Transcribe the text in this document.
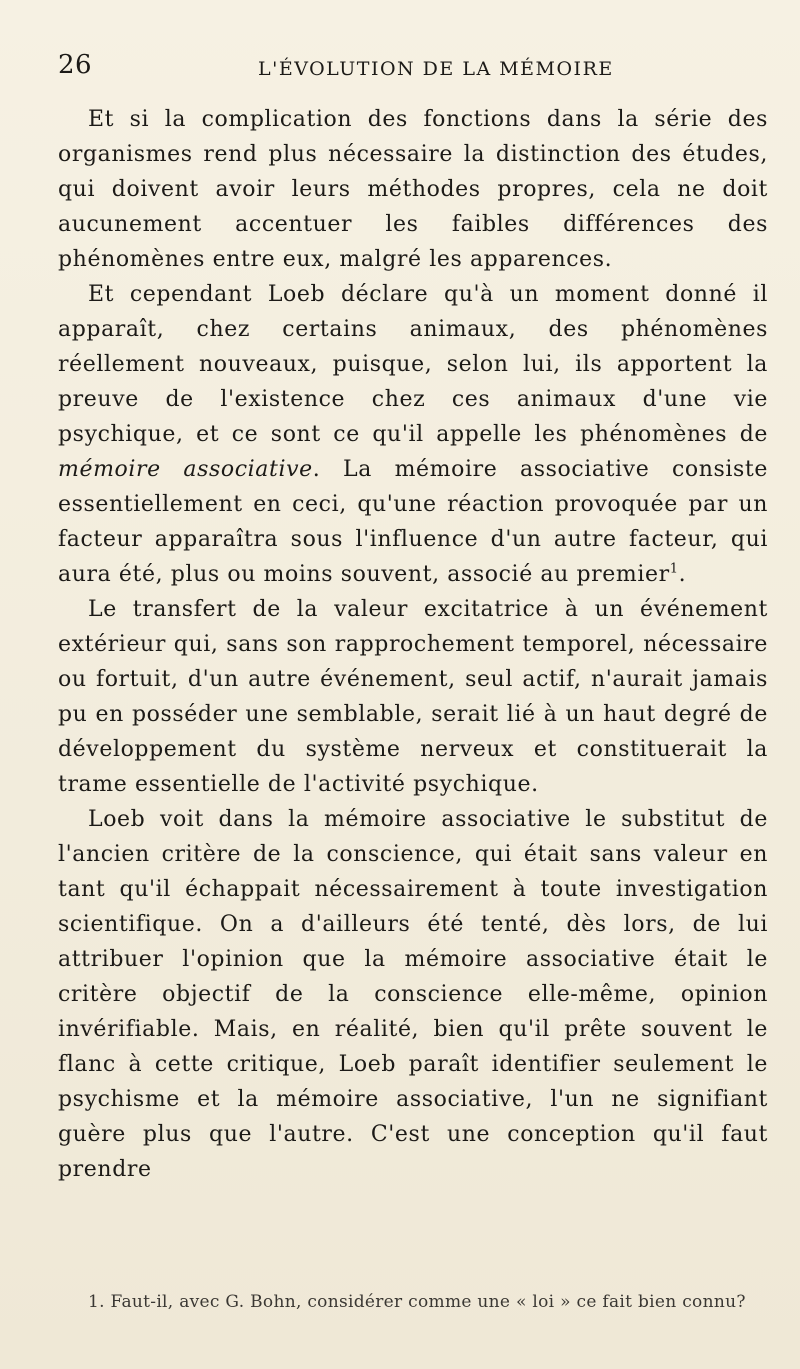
26	L'ÉVOLUTION DE LA MÉMOIRE

Et si la complication des fonctions dans la série des organismes rend plus nécessaire la distinction des études, qui doivent avoir leurs méthodes propres, cela ne doit aucunement accentuer les faibles différences des phénomènes entre eux, malgré les apparences.

Et cependant Loeb déclare qu'à un moment donné il apparaît, chez certains animaux, des phénomènes réellement nouveaux, puisque, selon lui, ils apportent la preuve de l'existence chez ces animaux d'une vie psychique, et ce sont ce qu'il appelle les phénomènes de mémoire associative. La mémoire associative consiste essentiellement en ceci, qu'une réaction provoquée par un facteur apparaîtra sous l'influence d'un autre facteur, qui aura été, plus ou moins souvent, associé au premier$^1$.

Le transfert de la valeur excitatrice à un événement extérieur qui, sans son rapprochement temporel, nécessaire ou fortuit, d'un autre événement, seul actif, n'aurait jamais pu en posséder une semblable, serait lié à un haut degré de développement du système nerveux et constituerait la trame essentielle de l'activité psychique.

Loeb voit dans la mémoire associative le substitut de l'ancien critère de la conscience, qui était sans valeur en tant qu'il échappait nécessairement à toute investigation scientifique. On a d'ailleurs été tenté, dès lors, de lui attribuer l'opinion que la mémoire associative était le critère objectif de la conscience elle-même, opinion invérifiable. Mais, en réalité, bien qu'il prête souvent le flanc à cette critique, Loeb paraît identifier seulement le psychisme et la mémoire associative, l'un ne signifiant guère plus que l'autre. C'est une conception qu'il faut prendre

1. Faut-il, avec G. Bohn, considérer comme une « loi » ce fait bien connu?
